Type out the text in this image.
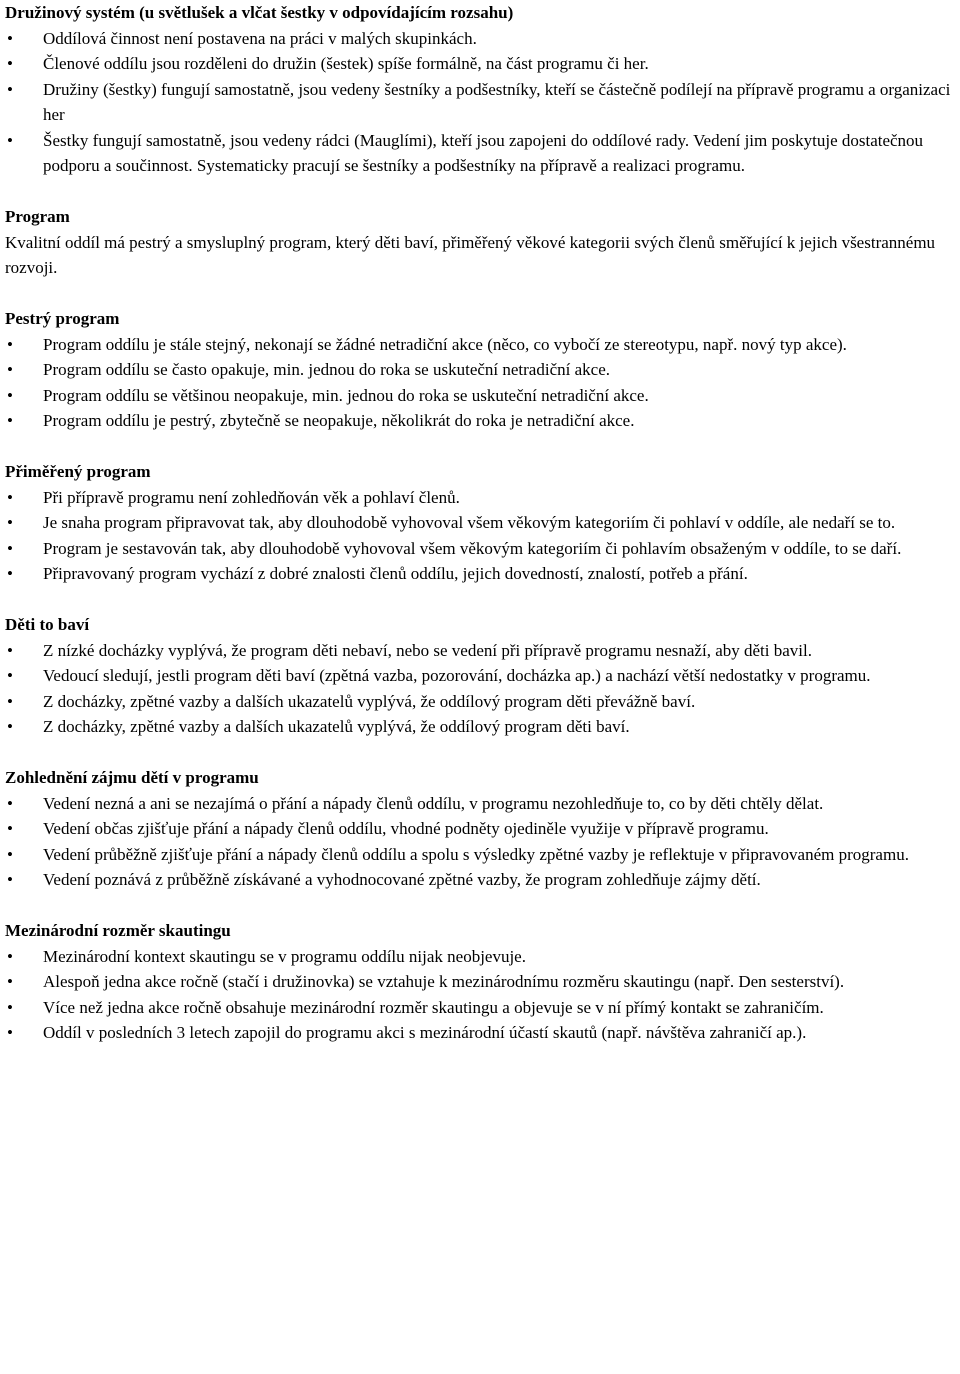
Družinový systém (u světlušek a vlčat šestky v odpovídajícím rozsahu)

• Oddílová činnost není postavena na práci v malých skupinkách.
• Členové oddílu jsou rozděleni do družin (šestek) spíše formálně, na část programu či her.
• Družiny (šestky) fungují samostatně, jsou vedeny šestníky a podšestníky, kteří se částečně podílejí na přípravě programu a organizaci her
• Šestky fungují samostatně, jsou vedeny rádci (Mauglími), kteří jsou zapojeni do oddílové rady. Vedení jim poskytuje dostatečnou podporu a součinnost. Systematicky pracují se šestníky a podšestníky na přípravě a realizaci programu.

Program

Kvalitní oddíl má pestrý a smysluplný program, který děti baví, přiměřený věkové kategorii svých členů směřující k jejich všestrannému rozvoji.

Pestrý program

• Program oddílu je stále stejný, nekonají se žádné netradiční akce (něco, co vybočí ze stereotypu, např. nový typ akce).
• Program oddílu se často opakuje, min. jednou do roka se uskuteční netradiční akce.
• Program oddílu se většinou neopakuje, min. jednou do roka se uskuteční netradiční akce.
• Program oddílu je pestrý, zbytečně se neopakuje, několikrát do roka je netradiční akce.

Přiměřený program

• Při přípravě programu není zohledňován věk a pohlaví členů.
• Je snaha program připravovat tak, aby dlouhodobě vyhovoval všem věkovým kategoriím či pohlaví v oddíle, ale nedaří se to.
• Program je sestavován tak, aby dlouhodobě vyhovoval všem věkovým kategoriím či pohlavím obsaženým v oddíle, to se daří.
• Připravovaný program vychází z dobré znalosti členů oddílu, jejich dovedností, znalostí, potřeb a přání.

Děti to baví

• Z nízké docházky vyplývá, že program děti nebaví, nebo se vedení při přípravě programu nesnaží, aby děti bavil.
• Vedoucí sledují, jestli program děti baví (zpětná vazba, pozorování, docházka ap.) a nachází větší nedostatky v programu.
• Z docházky, zpětné vazby a dalších ukazatelů vyplývá, že oddílový program děti převážně baví.
• Z docházky, zpětné vazby a dalších ukazatelů vyplývá, že oddílový program děti baví.

Zohlednění zájmu dětí v programu

• Vedení nezná a ani se nezajímá o přání a nápady členů oddílu, v programu nezohledňuje to, co by děti chtěly dělat.
• Vedení občas zjišťuje přání a nápady členů oddílu, vhodné podněty ojediněle využije v přípravě programu.
• Vedení průběžně zjišťuje přání a nápady členů oddílu a spolu s výsledky zpětné vazby je reflektuje v připravovaném programu.
• Vedení poznává z průběžně získávané a vyhodnocované zpětné vazby, že program zohledňuje zájmy dětí.

Mezinárodní rozměr skautingu

• Mezinárodní kontext skautingu se v programu oddílu nijak neobjevuje.
• Alespoň jedna akce ročně (stačí i družinovka) se vztahuje k mezinárodnímu rozměru skautingu (např. Den sesterství).
• Více než jedna akce ročně obsahuje mezinárodní rozměr skautingu a objevuje se v ní přímý kontakt se zahraničím.
• Oddíl v posledních 3 letech zapojil do programu akci s mezinárodní účastí skautů (např. návštěva zahraničí ap.).
